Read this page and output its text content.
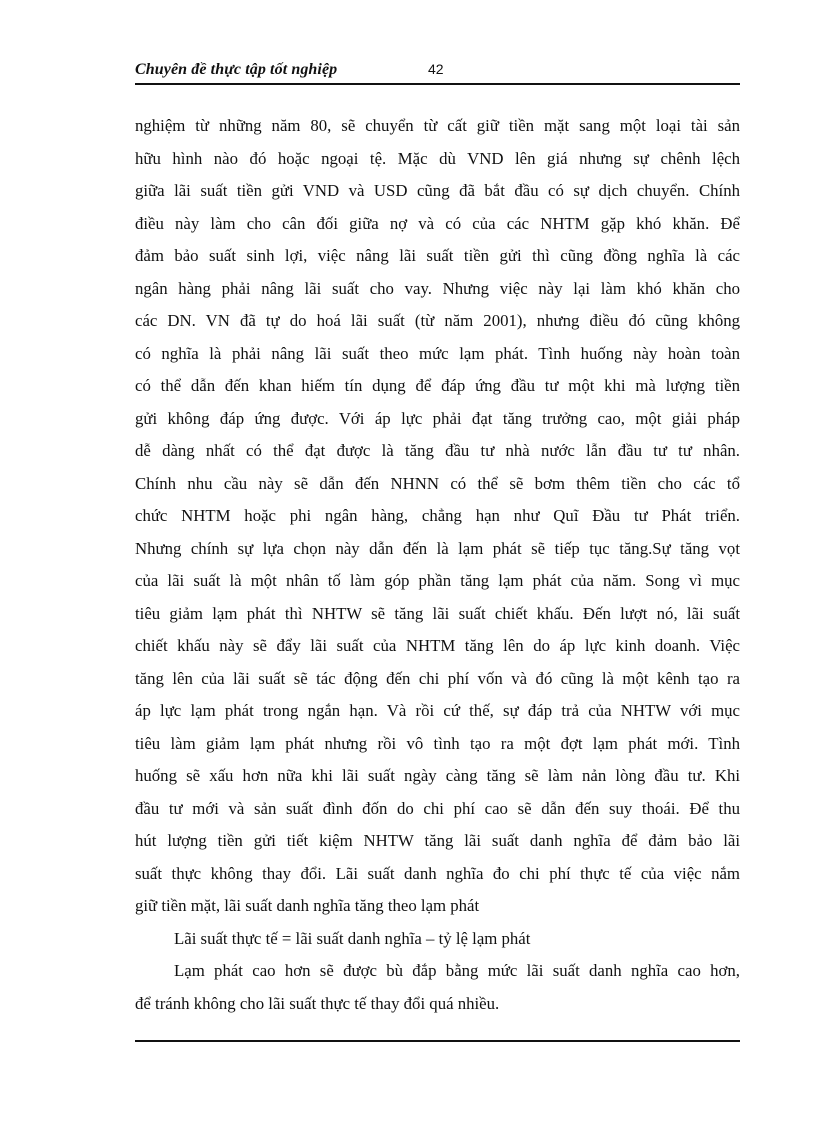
Chuyên đề thực tập tốt nghiệp	42
nghiệm từ những năm 80, sẽ chuyển từ cất giữ tiền mặt sang một loại tài sản
hữu hình nào đó hoặc ngoại tệ. Mặc dù VND lên giá nhưng sự chênh lệch
giữa lãi suất tiền gửi VND và USD cũng đã bắt đầu có sự dịch chuyển. Chính
điều này làm cho cân đối giữa nợ và có của các NHTM gặp khó khăn. Để
đảm bảo suất sinh lợi, việc nâng lãi suất tiền gửi thì cũng đồng nghĩa là các
ngân hàng phải nâng lãi suất cho vay. Nhưng việc này lại làm khó khăn cho
các DN. VN đã tự do hoá lãi suất (từ năm 2001), nhưng điều đó cũng không
có nghĩa là phải nâng lãi suất theo mức lạm phát. Tình huống này hoàn toàn
có thể dẫn đến khan hiếm tín dụng để đáp ứng đầu tư một khi mà lượng tiền
gửi không đáp ứng được. Với áp lực phải đạt tăng trưởng cao, một giải pháp
dễ dàng nhất có thể đạt được là tăng đầu tư nhà nước lẫn đầu tư tư nhân.
Chính nhu cầu này sẽ dẫn đến NHNN có thể sẽ bơm thêm tiền cho các tổ
chức NHTM hoặc phi ngân hàng, chẳng hạn như Quĩ Đầu tư Phát triển.
Nhưng chính sự lựa chọn này dẫn đến là lạm phát sẽ tiếp tục tăng.Sự tăng vọt
của lãi suất là một nhân tố làm góp phần tăng lạm phát của năm. Song vì mục
tiêu giảm lạm phát thì NHTW sẽ tăng lãi suất chiết khấu. Đến lượt nó, lãi suất
chiết khấu này sẽ đẩy lãi suất của NHTM tăng lên do áp lực kinh doanh. Việc
tăng lên của lãi suất sẽ tác động đến chi phí vốn và đó cũng là một kênh tạo ra
áp lực lạm phát trong ngắn hạn. Và rồi cứ thế, sự đáp trả của NHTW với mục
tiêu làm giảm lạm phát nhưng rồi vô tình tạo ra một đợt lạm phát mới. Tình
huống sẽ xấu hơn nữa khi lãi suất ngày càng tăng sẽ làm nản lòng đầu tư. Khi
đầu tư mới và sản suất đình đốn do chi phí cao sẽ dẫn đến suy thoái. Để thu
hút lượng tiền gửi tiết kiệm NHTW tăng lãi suất danh nghĩa để đảm bảo lãi
suất thực không thay đổi. Lãi suất danh nghĩa đo chi phí thực tế của việc nắm
giữ tiền mặt, lãi suất danh nghĩa tăng theo lạm phát
Lãi suất thực tế = lãi suất danh nghĩa – tỷ lệ lạm phát
Lạm phát cao hơn sẽ được bù đắp bằng mức lãi suất danh nghĩa cao hơn,
để tránh không cho lãi suất thực tế thay đổi quá nhiều.
